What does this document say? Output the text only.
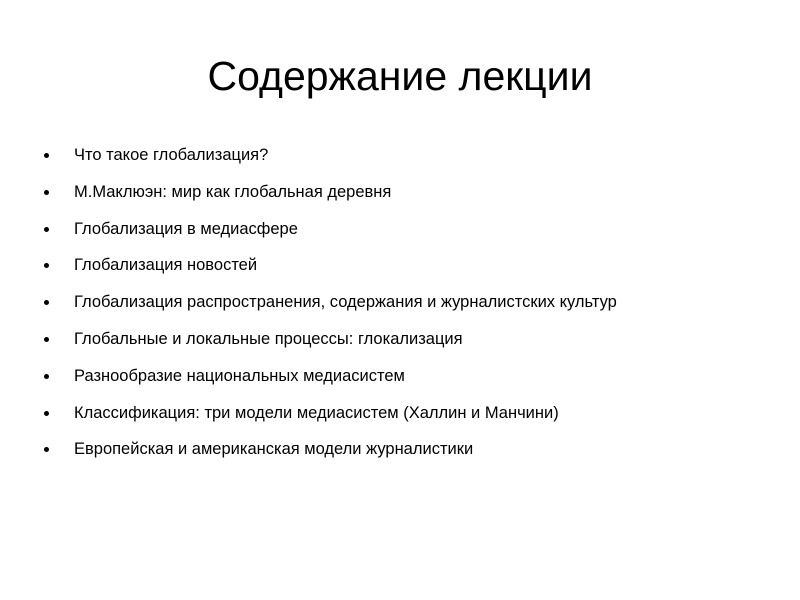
Содержание лекции
Что такое глобализация?
М.Маклюэн: мир как глобальная деревня
Глобализация в медиасфере
Глобализация новостей
Глобализация распространения, содержания и журналистских культур
Глобальные и локальные процессы: глокализация
Разнообразие национальных медиасистем
Классификация: три модели медиасистем (Халлин и Манчини)
Европейская и американская модели журналистики
